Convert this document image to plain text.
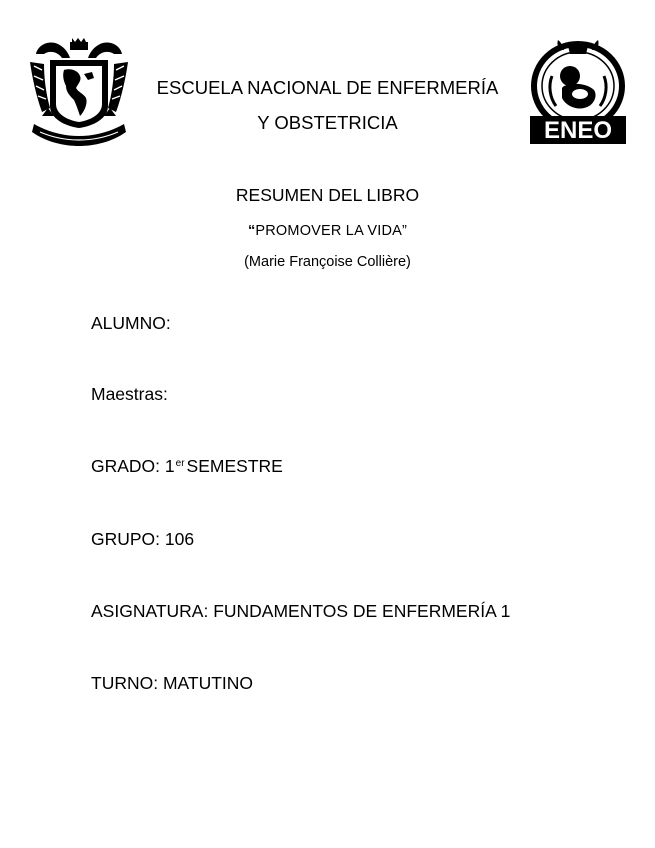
ESCUELA NACIONAL DE ENFERMERÍA
Y OBSTETRICIA	ENEO
RESUMEN DEL LIBRO
“PROMOVER LA VIDA”
(Marie Françoise Collière)
ALUMNO:
Maestras:
GRADO: 1er SEMESTRE
GRUPO: 106
ASIGNATURA: FUNDAMENTOS DE ENFERMERÍA 1
TURNO: MATUTINO
